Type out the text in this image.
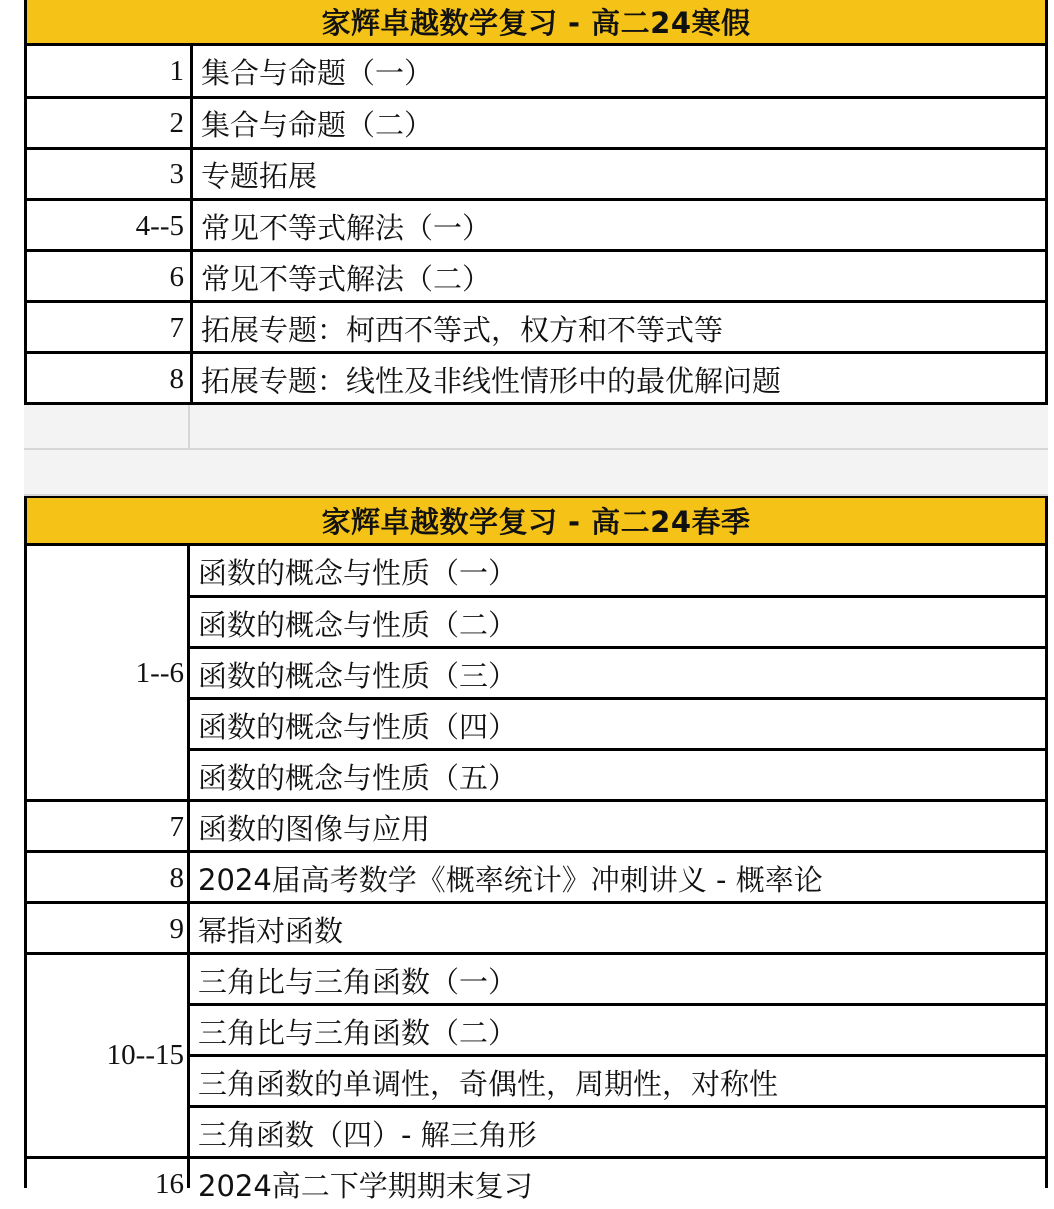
家辉卓越数学复习 - 高二24寒假
1 集合与命题（一）
2 集合与命题（二）
3 专题拓展
4--5 常见不等式解法（一）
6 常见不等式解法（二）
7 拓展专题：柯西不等式，权方和不等式等
8 拓展专题：线性及非线性情形中的最优解问题
家辉卓越数学复习 - 高二24春季
1--6
函数的概念与性质（一）
函数的概念与性质（二）
函数的概念与性质（三）
函数的概念与性质（四）
函数的概念与性质（五）
7 函数的图像与应用
8 2024届高考数学《概率统计》冲刺讲义 - 概率论
9 幂指对函数
10--15
三角比与三角函数（一）
三角比与三角函数（二）
三角函数的单调性，奇偶性，周期性，对称性
三角函数（四）- 解三角形
16 2024高二下学期期末复习
